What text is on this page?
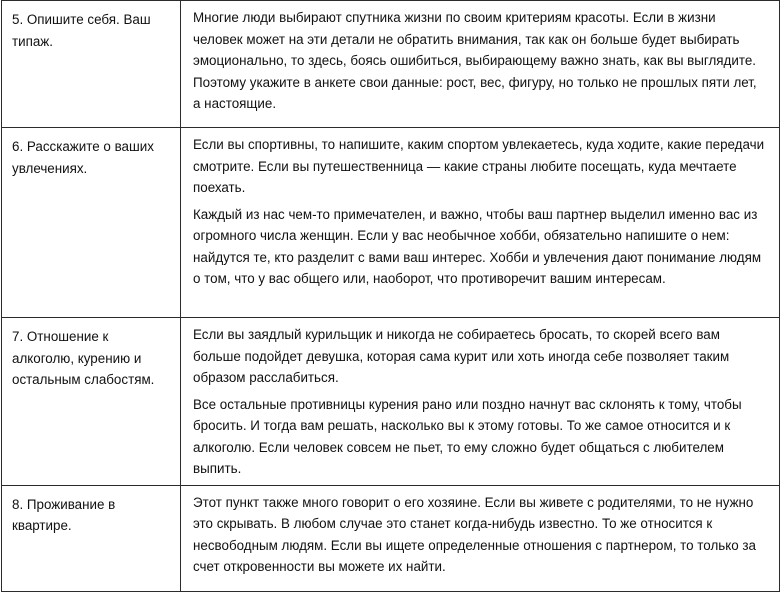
5. Опишите себя. Ваш типаж.	Многие люди выбирают спутника жизни по своим критериям красоты. Если в жизни человек может на эти детали не обратить внимания, так как он больше будет выбирать эмоционально, то здесь, боясь ошибиться, выбирающему важно знать, как вы выглядите. Поэтому укажите в анкете свои данные: рост, вес, фигуру, но только не прошлых пяти лет, а настоящие.

6. Расскажите о ваших увлечениях.	Если вы спортивны, то напишите, каким спортом увлекаетесь, куда ходите, какие передачи смотрите. Если вы путешественница — какие страны любите посещать, куда мечтаете поехать.

Каждый из нас чем-то примечателен, и важно, чтобы ваш партнер выделил именно вас из огромного числа женщин. Если у вас необычное хобби, обязательно напишите о нем: найдутся те, кто разделит с вами ваш интерес. Хобби и увлечения дают понимание людям о том, что у вас общего или, наоборот, что противоречит вашим интересам.

7. Отношение к алкоголю, курению и остальным слабостям.	Если вы заядлый курильщик и никогда не собираетесь бросать, то скорей всего вам больше подойдет девушка, которая сама курит или хоть иногда себе позволяет таким образом расслабиться.

Все остальные противницы курения рано или поздно начнут вас склонять к тому, чтобы бросить. И тогда вам решать, насколько вы к этому готовы. То же самое относится и к алкоголю. Если человек совсем не пьет, то ему сложно будет общаться с любителем выпить.

8. Проживание в квартире.	Этот пункт также много говорит о его хозяине. Если вы живете с родителями, то не нужно это скрывать. В любом случае это станет когда-нибудь известно. То же относится к несвободным людям. Если вы ищете определенные отношения с партнером, то только за счет откровенности вы можете их найти.
